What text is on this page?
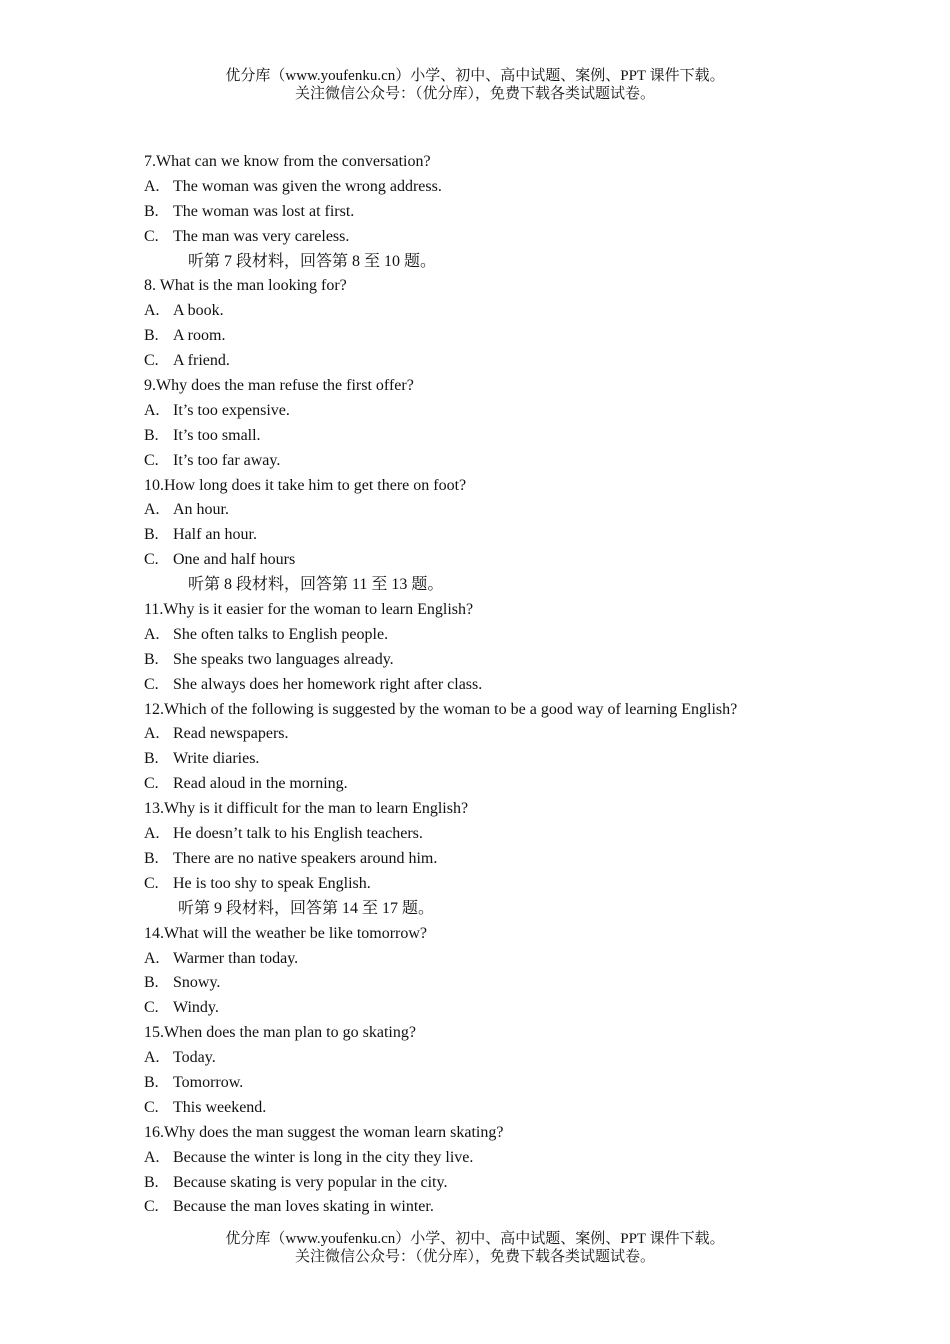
优分库（www.youfenku.cn）小学、初中、高中试题、案例、PPT 课件下载。
关注微信公众号：（优分库），免费下载各类试题试卷。
7.What can we know from the conversation?
A. The woman was given the wrong address.
B. The woman was lost at first.
C. The man was very careless.
听第 7 段材料，回答第 8 至 10 题。
8. What is the man looking for?
A. A book.
B. A room.
C. A friend.
9.Why does the man refuse the first offer?
A. It’s too expensive.
B. It’s too small.
C. It’s too far away.
10.How long does it take him to get there on foot?
A. An hour.
B. Half an hour.
C. One and half hours
听第 8 段材料，回答第 11 至 13 题。
11.Why is it easier for the woman to learn English?
A. She often talks to English people.
B. She speaks two languages already.
C. She always does her homework right after class.
12.Which of the following is suggested by the woman to be a good way of learning English?
A. Read newspapers.
B. Write diaries.
C. Read aloud in the morning.
13.Why is it difficult for the man to learn English?
A. He doesn’t talk to his English teachers.
B. There are no native speakers around him.
C. He is too shy to speak English.
听第 9 段材料，回答第 14 至 17 题。
14.What will the weather be like tomorrow?
A. Warmer than today.
B. Snowy.
C. Windy.
15.When does the man plan to go skating?
A. Today.
B. Tomorrow.
C. This weekend.
16.Why does the man suggest the woman learn skating?
A. Because the winter is long in the city they live.
B. Because skating is very popular in the city.
C. Because the man loves skating in winter.
优分库（www.youfenku.cn）小学、初中、高中试题、案例、PPT 课件下载。
关注微信公众号：（优分库），免费下载各类试题试卷。
